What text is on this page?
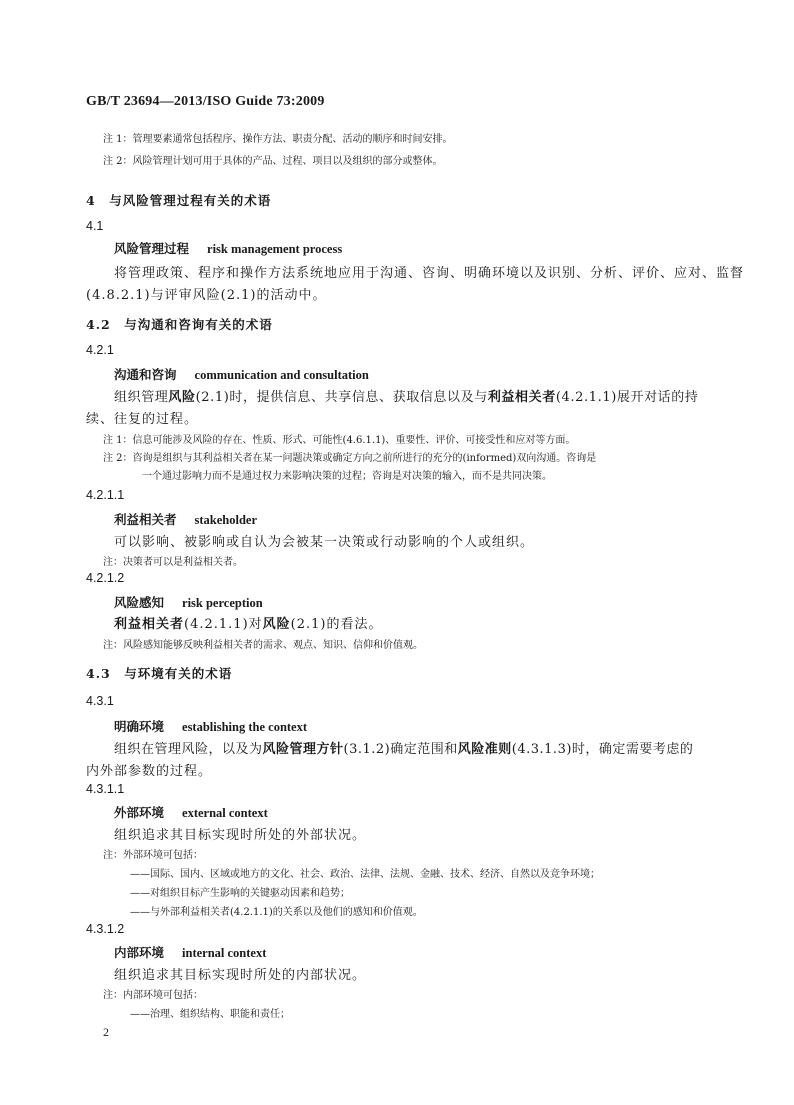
GB/T 23694—2013/ISO Guide 73:2009
注 1：管理要素通常包括程序、操作方法、职责分配、活动的顺序和时间安排。
注 2：风险管理计划可用于具体的产品、过程、项目以及组织的部分或整体。
4　与风险管理过程有关的术语
4.1
风险管理过程 risk management process
将管理政策、程序和操作方法系统地应用于沟通、咨询、明确环境以及识别、分析、评价、应对、监督
(4.8.2.1)与评审风险(2.1)的活动中。
4.2　与沟通和咨询有关的术语
4.2.1
沟通和咨询 communication and consultation
组织管理风险(2.1)时，提供信息、共享信息、获取信息以及与利益相关者(4.2.1.1)展开对话的持
续、往复的过程。
注 1：信息可能涉及风险的存在、性质、形式、可能性(4.6.1.1)、重要性、评价、可接受性和应对等方面。
注 2：咨询是组织与其利益相关者在某一问题决策或确定方向之前所进行的充分的(informed)双向沟通。咨询是
一个通过影响力而不是通过权力来影响决策的过程；咨询是对决策的输入，而不是共同决策。
4.2.1.1
利益相关者 stakeholder
可以影响、被影响或自认为会被某一决策或行动影响的个人或组织。
注：决策者可以是利益相关者。
4.2.1.2
风险感知 risk perception
利益相关者(4.2.1.1)对风险(2.1)的看法。
注：风险感知能够反映利益相关者的需求、观点、知识、信仰和价值观。
4.3　与环境有关的术语
4.3.1
明确环境 establishing the context
组织在管理风险，以及为风险管理方针(3.1.2)确定范围和风险准则(4.3.1.3)时，确定需要考虑的
内外部参数的过程。
4.3.1.1
外部环境 external context
组织追求其目标实现时所处的外部状况。
注：外部环境可包括：
——国际、国内、区域或地方的文化、社会、政治、法律、法规、金融、技术、经济、自然以及竞争环境；
——对组织目标产生影响的关键驱动因素和趋势；
——与外部利益相关者(4.2.1.1)的关系以及他们的感知和价值观。
4.3.1.2
内部环境 internal context
组织追求其目标实现时所处的内部状况。
注：内部环境可包括：
——治理、组织结构、职能和责任；
2
